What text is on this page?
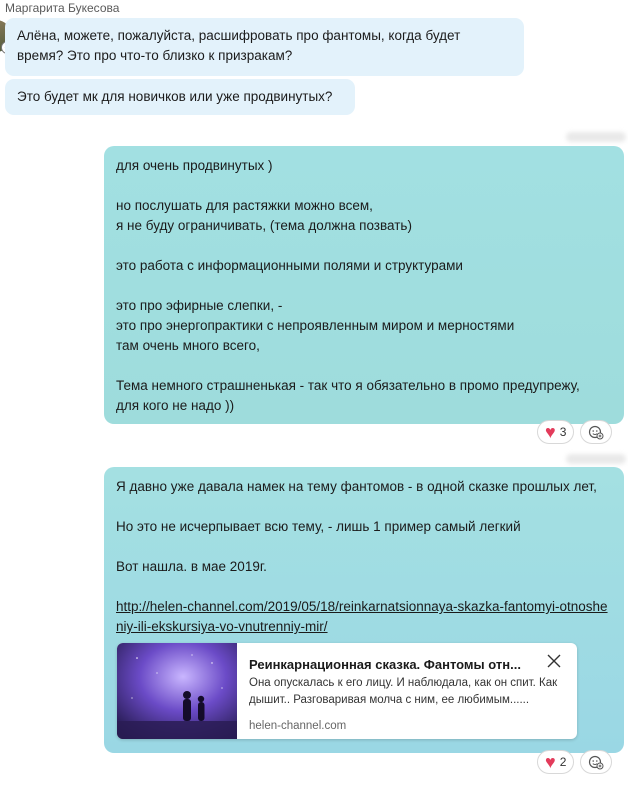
Маргарита Букесова
Алёна, можете, пожалуйста, расшифровать про фантомы, когда будет
время? Это про что-то близко к призракам?
Это будет мк для новичков или уже продвинутых?

для очень продвинутых )

но послушать для растяжки можно всем,
я не буду ограничивать, (тема должна позвать)

это работа с информационными полями и структурами

это про эфирные слепки, -
это про энергопрактики с непроявленным миром и мерностями
там очень много всего,

Тема немного страшненькая - так что я обязательно в промо предупрежу,
для кого не надо ))

♥ 3

Я давно уже давала намек на тему фантомов - в одной сказке прошлых лет,

Но это не исчерпывает всю тему, - лишь 1 пример самый легкий

Вот нашла. в мае 2019г.

http://helen-channel.com/2019/05/18/reinkarnatsionnaya-skazka-fantomyi-otnosheniy-ili-ekskursiya-vo-vnutrenniy-mir/

Реинкарнационная сказка. Фантомы отн...
Она опускалась к его лицу. И наблюдала, как он спит. Как дышит.. Разговаривая молча с ним, ее любимым......
helen-channel.com
♥ 2
